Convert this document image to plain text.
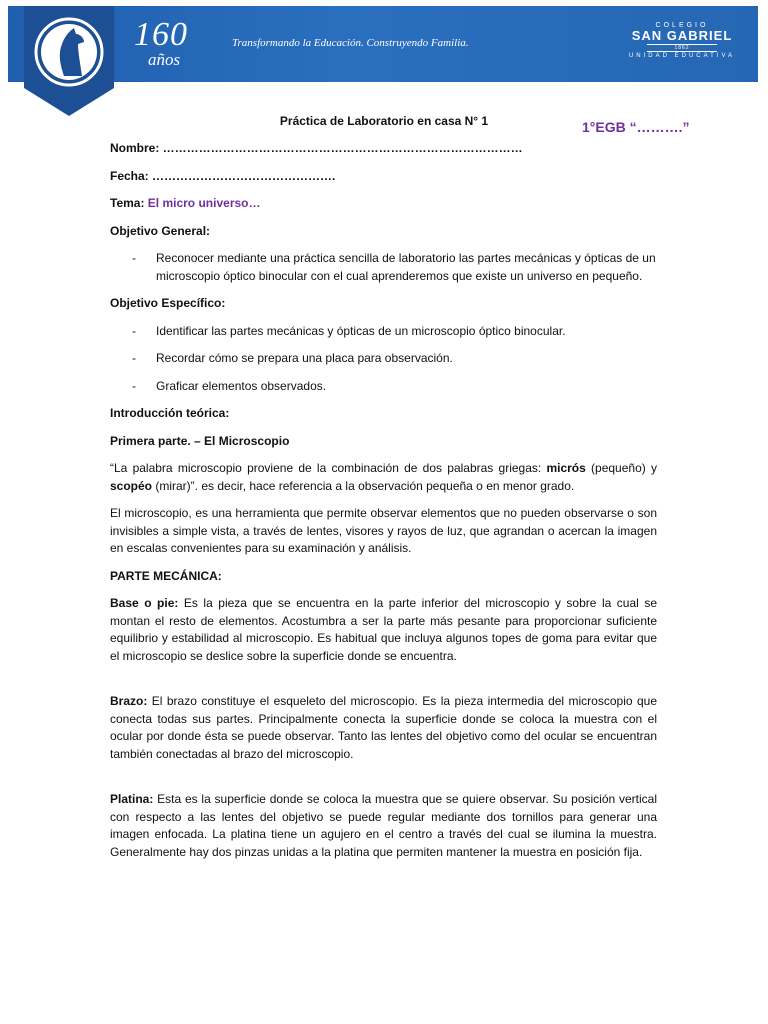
160
años
Transformando la Educación. Construyendo Familia.
COLEGIO
SAN GABRIEL
1862
UNIDAD EDUCATIVA
Práctica de Laboratorio en casa N° 1	1°EGB “……….”

Nombre: ………………………………………………………………………………

Fecha: ……………………………………….

Tema: El micro universo…

Objetivo General:

- Reconocer mediante una práctica sencilla de laboratorio las partes mecánicas y ópticas de un microscopio óptico binocular con el cual aprenderemos que existe un universo en pequeño.

Objetivo Específico:

- Identificar las partes mecánicas y ópticas de un microscopio óptico binocular.
- Recordar cómo se prepara una placa para observación.
- Graficar elementos observados.

Introducción teórica:

Primera parte. – El Microscopio

“La palabra microscopio proviene de la combinación de dos palabras griegas: micrós (pequeño) y scopéo (mirar)”. es decir, hace referencia a la observación pequeña o en menor grado.

El microscopio, es una herramienta que permite observar elementos que no pueden observarse o son invisibles a simple vista, a través de lentes, visores y rayos de luz, que agrandan o acercan la imagen en escalas convenientes para su examinación y análisis.

PARTE MECÁNICA:

Base o pie: Es la pieza que se encuentra en la parte inferior del microscopio y sobre la cual se montan el resto de elementos. Acostumbra a ser la parte más pesante para proporcionar suficiente equilibrio y estabilidad al microscopio. Es habitual que incluya algunos topes de goma para evitar que el microscopio se deslice sobre la superficie donde se encuentra.

Brazo: El brazo constituye el esqueleto del microscopio. Es la pieza intermedia del microscopio que conecta todas sus partes. Principalmente conecta la superficie donde se coloca la muestra con el ocular por donde ésta se puede observar. Tanto las lentes del objetivo como del ocular se encuentran también conectadas al brazo del microscopio.

Platina: Esta es la superficie donde se coloca la muestra que se quiere observar. Su posición vertical con respecto a las lentes del objetivo se puede regular mediante dos tornillos para generar una imagen enfocada. La platina tiene un agujero en el centro a través del cual se ilumina la muestra. Generalmente hay dos pinzas unidas a la platina que permiten mantener la muestra en posición fija.
